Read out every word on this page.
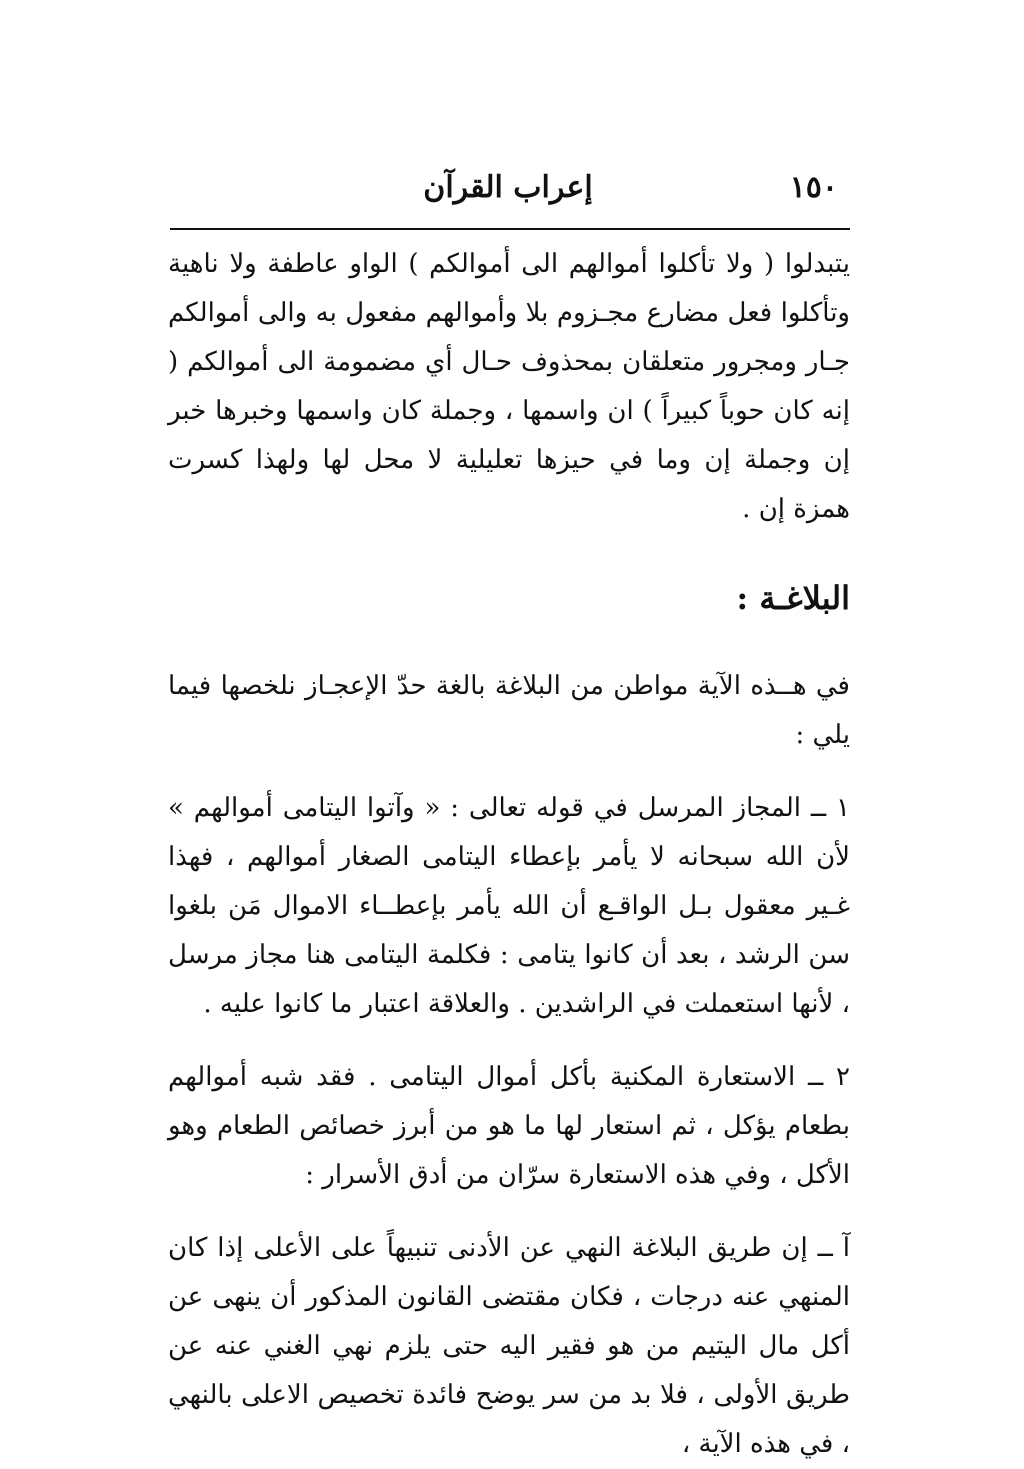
١٥٠
إعراب القرآن

يتبدلوا ( ولا تأكلوا أموالهم الى أموالكم ) الواو عاطفة ولا ناهية وتأكلوا فعل مضارع مجـزوم بلا وأموالهم مفعول به والى أموالكم جـار ومجرور متعلقان بمحذوف حـال أي مضمومة الى أموالكم ( إنه كان حوباً كبيراً ) ان واسمها ، وجملة كان واسمها وخبرها خبر إن وجملة إن وما في حيزها تعليلية لا محل لها ولهذا كسرت همزة إن .

البلاغـة :

في هــذه الآية مواطن من البلاغة بالغة حدّ الإعجـاز نلخصها فيما يلي :

١ ــ المجاز المرسل في قوله تعالى : « وآتوا اليتامى أموالهم » لأن الله سبحانه لا يأمر بإعطاء اليتامى الصغار أموالهم ، فهذا غـير معقول بـل الواقـع أن الله يأمر بإعطــاء الاموال مَن بلغوا سن الرشد ، بعد أن كانوا يتامى : فكلمة اليتامى هنا مجاز مرسل ، لأنها استعملت في الراشدين . والعلاقة اعتبار ما كانوا عليه .

٢ ــ الاستعارة المكنية بأكل أموال اليتامى . فقد شبه أموالهم بطعام يؤكل ، ثم استعار لها ما هو من أبرز خصائص الطعام وهو الأكل ، وفي هذه الاستعارة سرّان من أدق الأسرار :

آ ــ إن طريق البلاغة النهي عن الأدنى تنبيهاً على الأعلى إذا كان المنهي عنه درجات ، فكان مقتضى القانون المذكور أن ينهى عن أكل مال اليتيم من هو فقير اليه حتى يلزم نهي الغني عنه عن طريق الأولى ، فلا بد من سر يوضح فائدة تخصيص الاعلى بالنهي ، في هذه الآية ،
